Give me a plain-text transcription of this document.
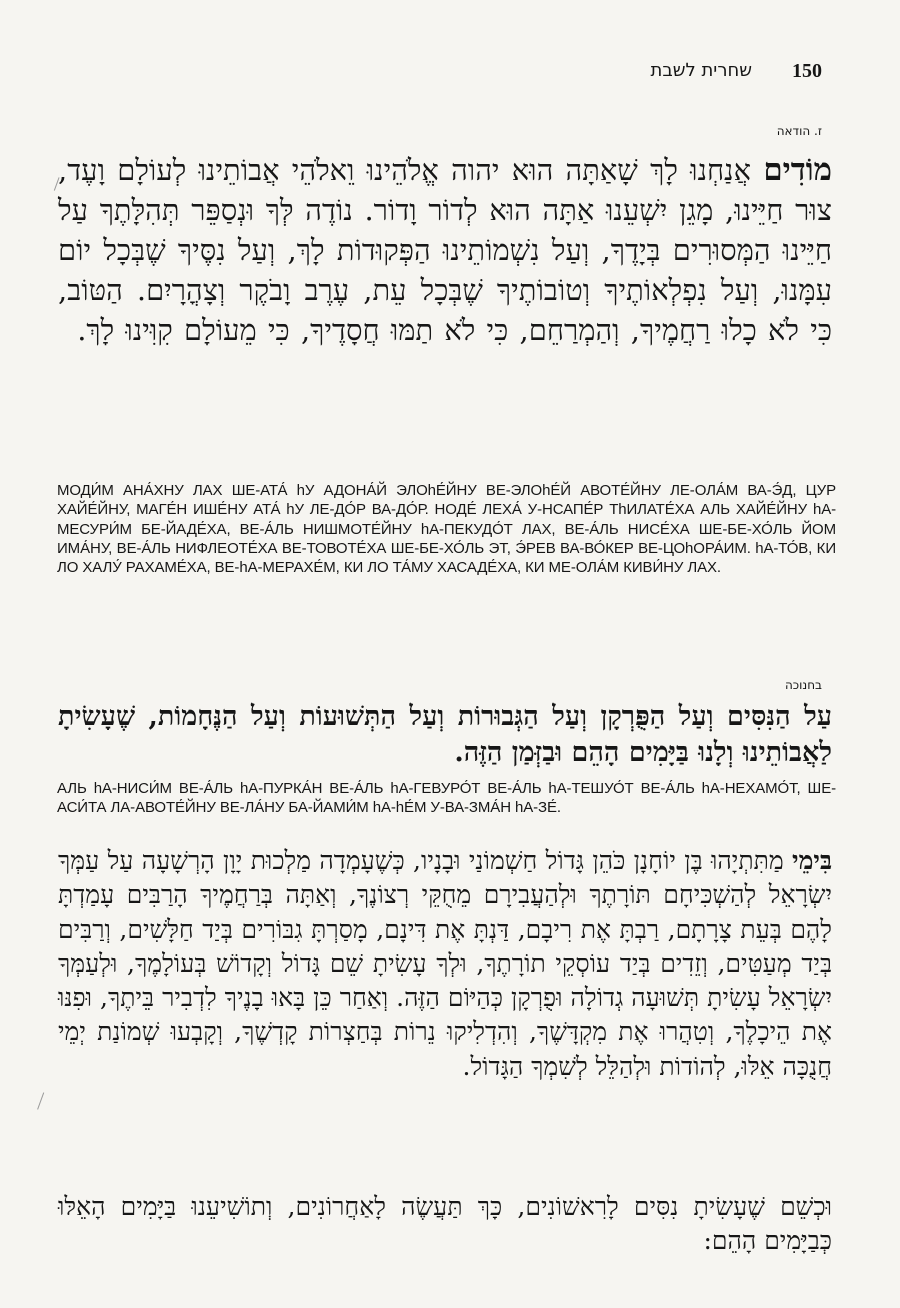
150
שחרית לשבת
ז. הודאה

מוֹדִים אֲנַחְנוּ לָךְ שָׁאַתָּה הוּא יהוה אֱלֹהֵינוּ וֵאלֹהֵי אֲבוֹתֵינוּ לְעוֹלָם וָעֶד, צוּר חַיֵּינוּ, מָגֵן יִשְׁעֵנוּ אַתָּה הוּא לְדוֹר וָדוֹר. נוֹדֶה לְּךָ וּנְסַפֵּר תְּהִלָּתֶךָ עַל חַיֵּינוּ הַמְּסוּרִים בְּיָדֶךָ, וְעַל נִשְׁמוֹתֵינוּ הַפְּקוּדוֹת לָךְ, וְעַל נִסֶּיךָ שֶׁבְּכָל יוֹם עִמָּנוּ, וְעַל נִפְלְאוֹתֶיךָ וְטוֹבוֹתֶיךָ שֶׁבְּכָל עֵת, עֶרֶב וָבֹקֶר וְצָהֳרָיִם. הַטּוֹב, כִּי לֹא כָלוּ רַחֲמֶיךָ, וְהַמְרַחֵם, כִּי לֹא תַמּוּ חֲסָדֶיךָ, כִּי מֵעוֹלָם קִוִּינוּ לָךְ.

МОДИ́М АНА́ХНУ ЛАХ ШЕ-АТА́ hУ АДОНА́Й ЭЛОhЕ́ЙНУ ВЕ-ЭЛОhЕ́Й АВОТЕ́ЙНУ ЛЕ-ОЛА́М ВА-Э́Д, ЦУР ХАЙЕ́ЙНУ, МАГЕ́Н ИШЕ́НУ АТА́ hУ ЛЕ-ДО́Р ВА-ДО́Р. НОДЕ́ ЛЕХА́ У-НСАПЕ́Р ТhИЛАТЕ́ХА АЛЬ ХАЙЕ́ЙНУ hА-МЕСУРИ́М БЕ-ЙАДЕ́ХА, ВЕ-А́ЛЬ НИШМОТЕ́ЙНУ hА-ПЕКУДО́Т ЛАХ, ВЕ-А́ЛЬ НИСЕ́ХА ШЕ-БЕ-ХО́ЛЬ ЙОМ ИМА́НУ, ВЕ-А́ЛЬ НИФЛЕОТЕ́ХА ВЕ-ТОВОТЕ́ХА ШЕ-БЕ-ХО́ЛЬ ЭТ, Э́РЕВ ВА-ВО́КЕР ВЕ-ЦОhОРА́ИМ. hА-ТО́В, КИ ЛО ХАЛУ́ РАХАМЕ́ХА, ВЕ-hА-МЕРАХЕ́М, КИ ЛО ТА́МУ ХАСАДЕ́ХА, КИ МЕ-ОЛА́М КИВИ́НУ ЛАХ.

בחנוכה

עַל הַנִּסִּים וְעַל הַפֻּרְקָן וְעַל הַגְּבוּרוֹת וְעַל הַתְּשׁוּעוֹת וְעַל הַנֶּחָמוֹת, שֶׁעָשִׂיתָ לַאֲבוֹתֵינוּ וְלָנוּ בַּיָּמִים הָהֵם וּבַזְּמַן הַזֶּה.

АЛЬ hА-НИСИ́М ВЕ-А́ЛЬ hА-ПУРКА́Н ВЕ-А́ЛЬ hА-ГЕВУРО́Т ВЕ-А́ЛЬ hА-ТЕШУО́Т ВЕ-А́ЛЬ hА-НЕХАМО́Т, ШЕ-АСИ́ТА ЛА-АВОТЕ́ЙНУ ВЕ-ЛА́НУ БА-ЙАМИ́М hА-hЕ́М У-ВА-ЗМА́Н hА-ЗЕ́.

בִּימֵי מַתִּתְיָהוּ בֶּן יוֹחָנָן כֹּהֵן גָּדוֹל חַשְׁמוֹנַי וּבָנָיו, כְּשֶׁעָמְדָה מַלְכוּת יָוָן הָרְשָׁעָה עַל עַמְּךָ יִשְׂרָאֵל לְהַשְׁכִּיחָם תּוֹרָתֶךָ וּלְהַעֲבִירָם מֵחֻקֵּי רְצוֹנֶךָ, וְאַתָּה בְּרַחֲמֶיךָ הָרַבִּים עָמַדְתָּ לָהֶם בְּעֵת צָרָתָם, רַבְתָּ אֶת רִיבָם, דַּנְתָּ אֶת דִּינָם, מָסַרְתָּ גִבּוֹרִים בְּיַד חַלָּשִׁים, וְרַבִּים בְּיַד מְעַטִּים, וְזֵדִים בְּיַד עוֹסְקֵי תוֹרָתֶךָ, וּלְךָ עָשִׂיתָ שֵׁם גָּדוֹל וְקָדוֹשׁ בְּעוֹלָמֶךָ, וּלְעַמְּךָ יִשְׂרָאֵל עָשִׂיתָ תְּשׁוּעָה גְדוֹלָה וּפֻרְקָן כְּהַיּוֹם הַזֶּה. וְאַחַר כֵּן בָּאוּ בָנֶיךָ לִדְבִיר בֵּיתֶךָ, וּפִנּוּ אֶת הֵיכָלֶךָ, וְטִהֲרוּ אֶת מִקְדָּשֶׁךָ, וְהִדְלִיקוּ נֵרוֹת בְּחַצְרוֹת קָדְשֶׁךָ, וְקָבְעוּ שְׁמוֹנַת יְמֵי חֲנֻכָּה אֵלּוּ, לְהוֹדוֹת וּלְהַלֵּל לְשִׁמְךָ הַגָּדוֹל.

וּכְשֵׁם שֶׁעָשִׂיתָ נִסִּים לָרִאשׁוֹנִים, כָּךְ תַּעֲשֶׂה לָאַחֲרוֹנִים, וְתוֹשִׁיעֵנוּ בַּיָּמִים הָאֵלּוּ כְּבַיָּמִים הָהֵם:
